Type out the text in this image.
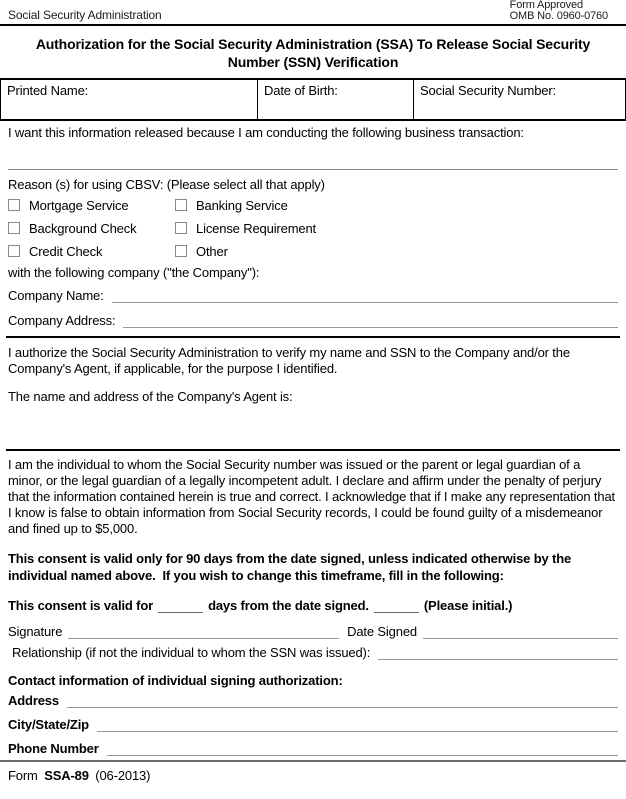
Social Security Administration
Form Approved
OMB No. 0960-0760
Authorization for the Social Security Administration (SSA) To Release Social Security Number (SSN) Verification
Printed Name:	Date of Birth:	Social Security Number:
I want this information released because I am conducting the following business transaction:
Reason (s) for using CBSV: (Please select all that apply)
Mortgage Service	Banking Service
Background Check	License Requirement
Credit Check	Other
with the following company ("the Company"):
Company Name:
Company Address:
I authorize the Social Security Administration to verify my name and SSN to the Company and/or the Company's Agent, if applicable, for the purpose I identified.
The name and address of the Company's Agent is:
I am the individual to whom the Social Security number was issued or the parent or legal guardian of a minor, or the legal guardian of a legally incompetent adult. I declare and affirm under the penalty of perjury that the information contained herein is true and correct. I acknowledge that if I make any representation that I know is false to obtain information from Social Security records, I could be found guilty of a misdemeanor and fined up to $5,000.
This consent is valid only for 90 days from the date signed, unless indicated otherwise by the individual named above.  If you wish to change this timeframe, fill in the following:
This consent is valid for	days from the date signed.	(Please initial.)
Signature	Date Signed
Relationship (if not the individual to whom the SSN was issued):
Contact information of individual signing authorization:
Address
City/State/Zip
Phone Number
Form SSA-89 (06-2013)
